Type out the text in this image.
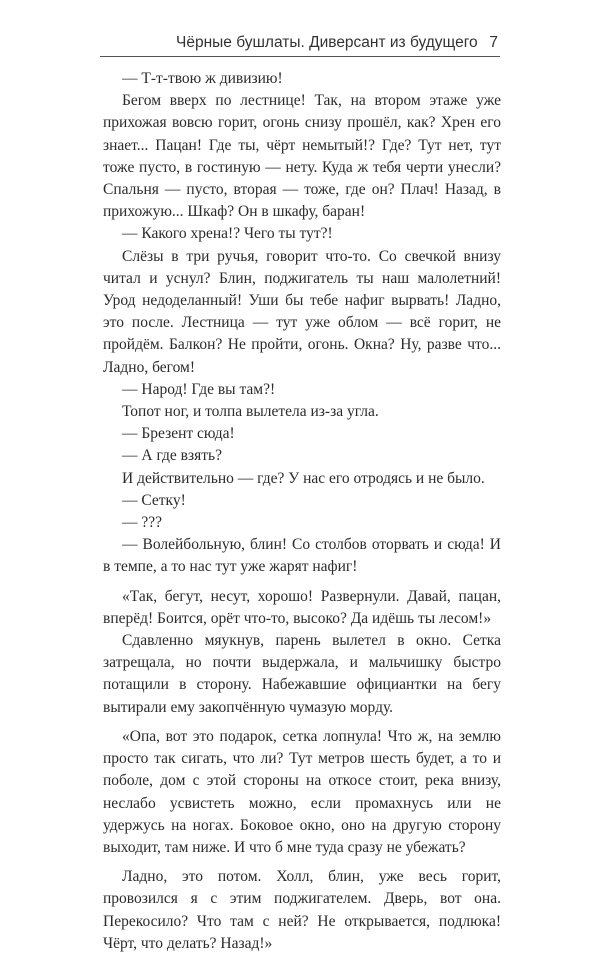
Чёрные бушлаты. Диверсант из будущего 7

— Т-т-твою ж дивизию!

Бегом вверх по лестнице! Так, на втором этаже уже прихожая вовсю горит, огонь снизу прошёл, как? Хрен его знает... Пацан! Где ты, чёрт немытый!? Где? Тут нет, тут тоже пусто, в гостиную — нету. Куда ж тебя черти унесли? Спальня — пусто, вторая — тоже, где он? Плач! Назад, в прихожую... Шкаф? Он в шкафу, баран!

— Какого хрена!? Чего ты тут?!

Слёзы в три ручья, говорит что-то. Со свечкой внизу читал и уснул? Блин, поджигатель ты наш малолетний! Урод недоделанный! Уши бы тебе нафиг вырвать! Ладно, это после. Лестница — тут уже облом — всё горит, не пройдём. Балкон? Не пройти, огонь. Окна? Ну, разве что... Ладно, бегом!

— Народ! Где вы там?!

Топот ног, и толпа вылетела из-за угла.

— Брезент сюда!

— А где взять?

И действительно — где? У нас его отродясь и не было.

— Сетку!

— ???

— Волейбольную, блин! Со столбов оторвать и сюда! И в темпе, а то нас тут уже жарят нафиг!

«Так, бегут, несут, хорошо! Развернули. Давай, пацан, вперёд! Боится, орёт что-то, высоко? Да идёшь ты лесом!»

Сдавленно мяукнув, парень вылетел в окно. Сетка затрещала, но почти выдержала, и мальчишку быстро потащили в сторону. Набежавшие официантки на бегу вытирали ему закопчённую чумазую морду.

«Опа, вот это подарок, сетка лопнула! Что ж, на землю просто так сигать, что ли? Тут метров шесть будет, а то и поболе, дом с этой стороны на откосе стоит, река внизу, неслабо усвистеть можно, если промахнусь или не удержусь на ногах. Боковое окно, оно на другую сторону выходит, там ниже. И что б мне туда сразу не убежать?

Ладно, это потом. Холл, блин, уже весь горит, провозился я с этим поджигателем. Дверь, вот она. Перекосило? Что там с ней? Не открывается, подлюка! Чёрт, что делать? Назад!»
